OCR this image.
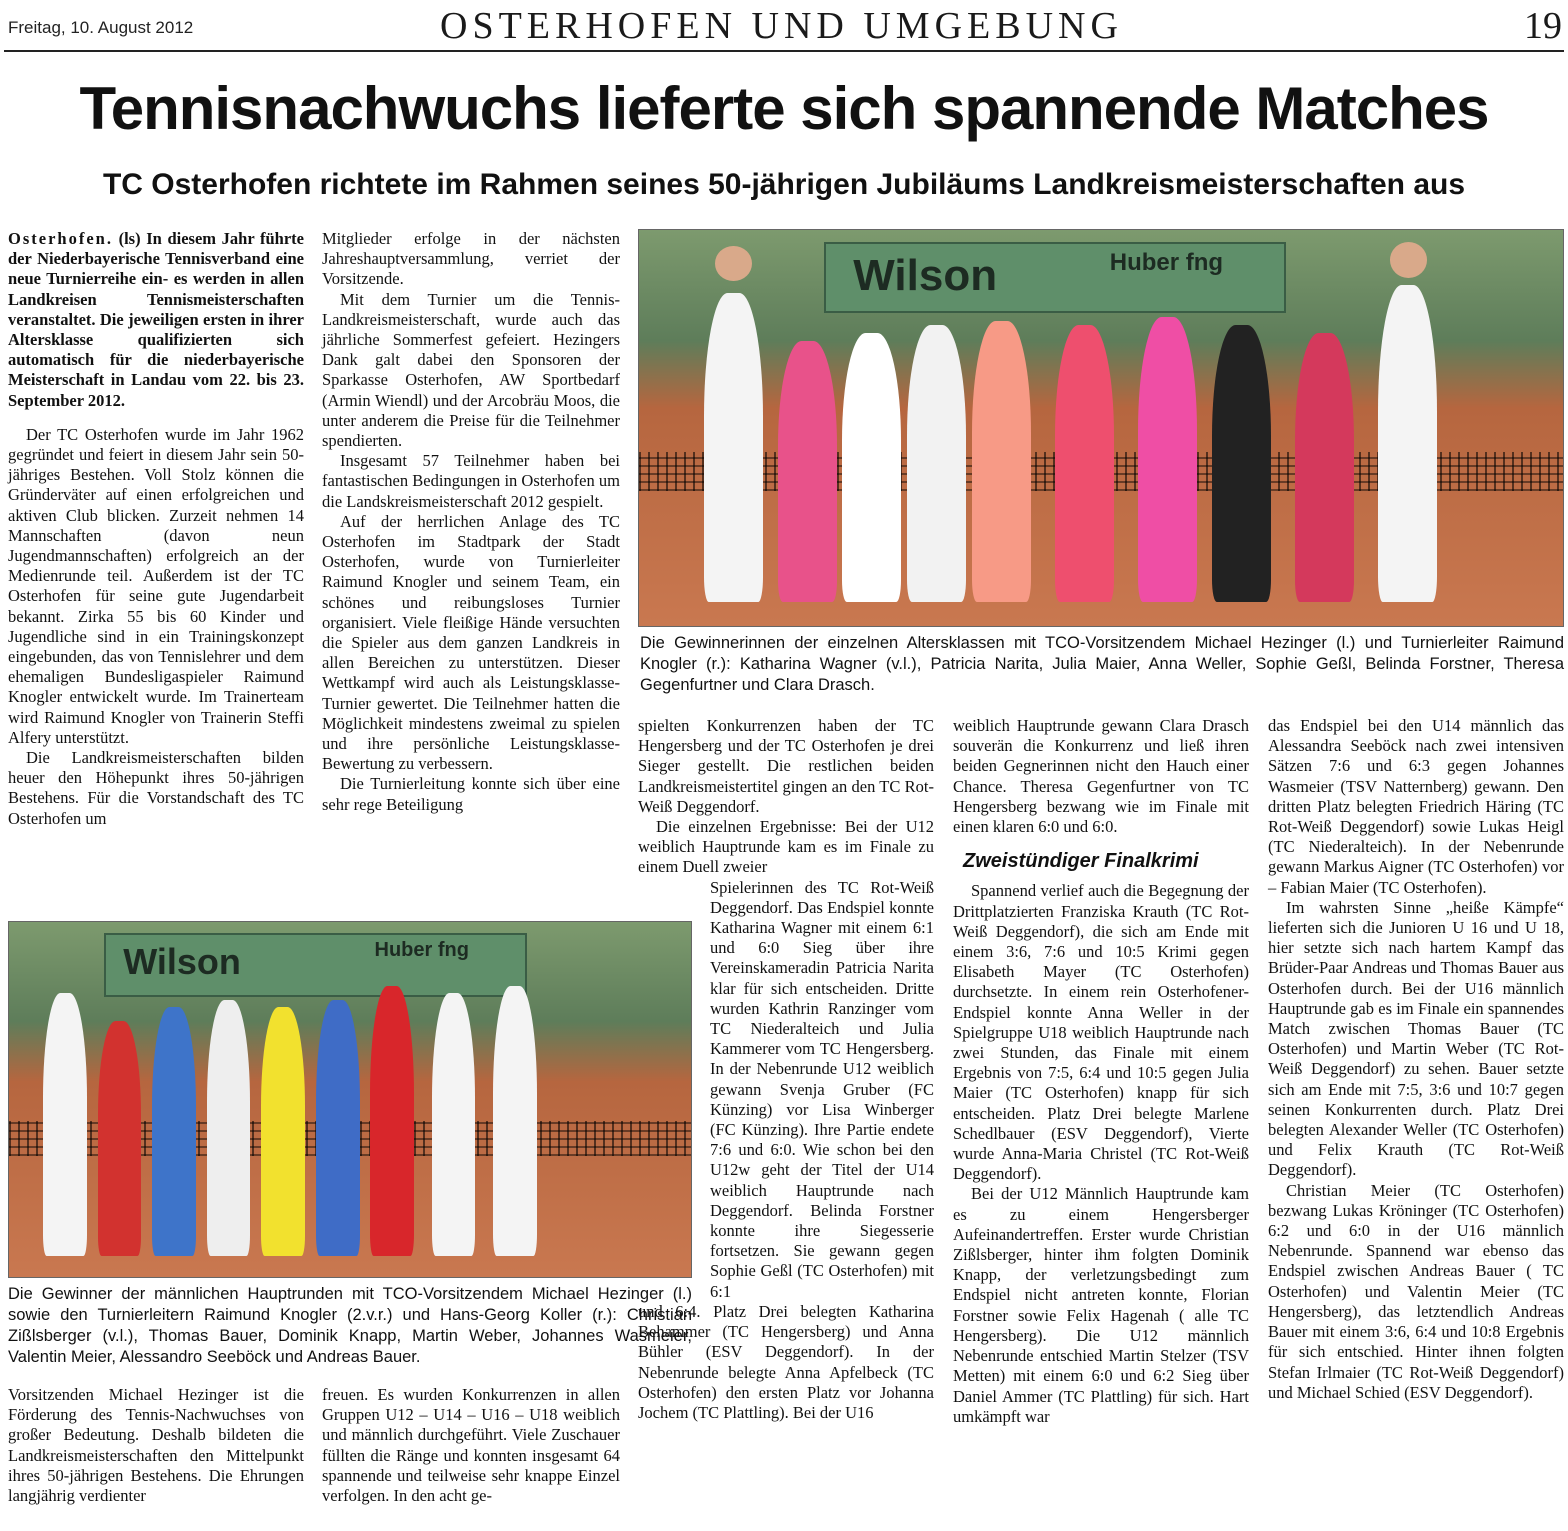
Freitag, 10. August 2012	OSTERHOFEN UND UMGEBUNG	19
Tennisnachwuchs lieferte sich spannende Matches
TC Osterhofen richtete im Rahmen seines 50-jährigen Jubiläums Landkreismeisterschaften aus

Osterhofen. (ls) In diesem Jahr führte der Niederbayerische Tennisverband eine neue Turnierreihe ein- es werden in allen Landkreisen Tennismeisterschaften veranstaltet. Die jeweiligen ersten in ihrer Altersklasse qualifizierten sich automatisch für die niederbayerische Meisterschaft in Landau vom 22. bis 23. September 2012.

Der TC Osterhofen wurde im Jahr 1962 gegründet und feiert in diesem Jahr sein 50-jähriges Bestehen. Voll Stolz können die Gründerväter auf einen erfolgreichen und aktiven Club blicken. Zurzeit nehmen 14 Mannschaften (davon neun Jugendmannschaften) erfolgreich an der Medienrunde teil. Außerdem ist der TC Osterhofen für seine gute Jugendarbeit bekannt. Zirka 55 bis 60 Kinder und Jugendliche sind in ein Trainingskonzept eingebunden, das von Tennislehrer und dem ehemaligen Bundesligaspieler Raimund Knogler entwickelt wurde. Im Trainerteam wird Raimund Knogler von Trainerin Steffi Alfery unterstützt.

Die Landkreismeisterschaften bilden heuer den Höhepunkt ihres 50-jährigen Bestehens. Für die Vorstandschaft des TC Osterhofen um

Mitglieder erfolge in der nächsten Jahreshauptversammlung, verriet der Vorsitzende.

Mit dem Turnier um die Tennis-Landkreismeisterschaft, wurde auch das jährliche Sommerfest gefeiert. Hezingers Dank galt dabei den Sponsoren der Sparkasse Osterhofen, AW Sportbedarf (Armin Wiendl) und der Arcobräu Moos, die unter anderem die Preise für die Teilnehmer spendierten.

Insgesamt 57 Teilnehmer haben bei fantastischen Bedingungen in Osterhofen um die Landskreismeisterschaft 2012 gespielt.

Auf der herrlichen Anlage des TC Osterhofen im Stadtpark der Stadt Osterhofen, wurde von Turnierleiter Raimund Knogler und seinem Team, ein schönes und reibungsloses Turnier organisiert. Viele fleißige Hände versuchten die Spieler aus dem ganzen Landkreis in allen Bereichen zu unterstützen. Dieser Wettkampf wird auch als Leistungsklasse-Turnier gewertet. Die Teilnehmer hatten die Möglichkeit mindestens zweimal zu spielen und ihre persönliche Leistungsklasse-Bewertung zu verbessern.

Die Turnierleitung konnte sich über eine sehr rege Beteiligung

Wilson	Huber fng
Die Gewinnerinnen der einzelnen Altersklassen mit TCO-Vorsitzendem Michael Hezinger (l.) und Turnierleiter Raimund Knogler (r.): Katharina Wagner (v.l.), Patricia Narita, Julia Maier, Anna Weller, Sophie Geßl, Belinda Forstner, Theresa Gegenfurtner und Clara Drasch.

spielten Konkurrenzen haben der TC Hengersberg und der TC Osterhofen je drei Sieger gestellt. Die restlichen beiden Landkreismeistertitel gingen an den TC Rot-Weiß Deggendorf.

Die einzelnen Ergebnisse: Bei der U12 weiblich Hauptrunde kam es im Finale zu einem Duell zweier

Spielerinnen des TC Rot-Weiß Deggendorf. Das Endspiel konnte Katharina Wagner mit einem 6:1 und 6:0 Sieg über ihre Vereinskameradin Patricia Narita klar für sich entscheiden. Dritte wurden Kathrin Ranzinger vom TC Niederalteich und Julia Kammerer vom TC Hengersberg. In der Nebenrunde U12 weiblich gewann Svenja Gruber (FC Künzing) vor Lisa Winberger (FC Künzing). Ihre Partie endete 7:6 und 6:0. Wie schon bei den U12w geht der Titel der U14 weiblich Hauptrunde nach Deggendorf. Belinda Forstner konnte ihre Siegesserie fortsetzen. Sie gewann gegen Sophie Geßl (TC Osterhofen) mit 6:1

und 6:4. Platz Drei belegten Katharina Behammer (TC Hengersberg) und Anna Bühler (ESV Deggendorf). In der Nebenrunde belegte Anna Apfelbeck (TC Osterhofen) den ersten Platz vor Johanna Jochem (TC Plattling). Bei der U16

weiblich Hauptrunde gewann Clara Drasch souverän die Konkurrenz und ließ ihren beiden Gegnerinnen nicht den Hauch einer Chance. Theresa Gegenfurtner von TC Hengersberg bezwang wie im Finale mit einen klaren 6:0 und 6:0.

Zweistündiger Finalkrimi

Spannend verlief auch die Begegnung der Drittplatzierten Franziska Krauth (TC Rot-Weiß Deggendorf), die sich am Ende mit einem 3:6, 7:6 und 10:5 Krimi gegen Elisabeth Mayer (TC Osterhofen) durchsetzte. In einem rein Osterhofener-Endspiel konnte Anna Weller in der Spielgruppe U18 weiblich Hauptrunde nach zwei Stunden, das Finale mit einem Ergebnis von 7:5, 6:4 und 10:5 gegen Julia Maier (TC Osterhofen) knapp für sich entscheiden. Platz Drei belegte Marlene Schedlbauer (ESV Deggendorf), Vierte wurde Anna-Maria Christel (TC Rot-Weiß Deggendorf).

Bei der U12 Männlich Hauptrunde kam es zu einem Hengersberger Aufeinandertreffen. Erster wurde Christian Zißlsberger, hinter ihm folgten Dominik Knapp, der verletzungsbedingt zum Endspiel nicht antreten konnte, Florian Forstner sowie Felix Hagenah ( alle TC Hengersberg). Die U12 männlich Nebenrunde entschied Martin Stelzer (TSV Metten) mit einem 6:0 und 6:2 Sieg über Daniel Ammer (TC Plattling) für sich. Hart umkämpft war

das Endspiel bei den U14 männlich das Alessandra Seeböck nach zwei intensiven Sätzen 7:6 und 6:3 gegen Johannes Wasmeier (TSV Natternberg) gewann. Den dritten Platz belegten Friedrich Häring (TC Rot-Weiß Deggendorf) sowie Lukas Heigl (TC Niederalteich). In der Nebenrunde gewann Markus Aigner (TC Osterhofen) vor – Fabian Maier (TC Osterhofen).

Im wahrsten Sinne „heiße Kämpfe“ lieferten sich die Junioren U 16 und U 18, hier setzte sich nach hartem Kampf das Brüder-Paar Andreas und Thomas Bauer aus Osterhofen durch. Bei der U16 männlich Hauptrunde gab es im Finale ein spannendes Match zwischen Thomas Bauer (TC Osterhofen) und Martin Weber (TC Rot-Weiß Deggendorf) zu sehen. Bauer setzte sich am Ende mit 7:5, 3:6 und 10:7 gegen seinen Konkurrenten durch. Platz Drei belegten Alexander Weller (TC Osterhofen) und Felix Krauth (TC Rot-Weiß Deggendorf).

Christian Meier (TC Osterhofen) bezwang Lukas Kröninger (TC Osterhofen) 6:2 und 6:0 in der U16 männlich Nebenrunde. Spannend war ebenso das Endspiel zwischen Andreas Bauer ( TC Osterhofen) und Valentin Meier (TC Hengersberg), das letztendlich Andreas Bauer mit einem 3:6, 6:4 und 10:8 Ergebnis für sich entschied. Hinter ihnen folgten Stefan Irlmaier (TC Rot-Weiß Deggendorf) und Michael Schied (ESV Deggendorf).

Wilson	Huber fng
Die Gewinner der männlichen Hauptrunden mit TCO-Vorsitzendem Michael Hezinger (l.) sowie den Turnierleitern Raimund Knogler (2.v.r.) und Hans-Georg Koller (r.): Christian Zißlsberger (v.l.), Thomas Bauer, Dominik Knapp, Martin Weber, Johannes Wasmeier, Valentin Meier, Alessandro Seeböck und Andreas Bauer.

Vorsitzenden Michael Hezinger ist die Förderung des Tennis-Nachwuchses von großer Bedeutung. Deshalb bildeten die Landkreismeisterschaften den Mittelpunkt ihres 50-jährigen Bestehens. Die Ehrungen langjährig verdienter

freuen. Es wurden Konkurrenzen in allen Gruppen U12 – U14 – U16 – U18 weiblich und männlich durchgeführt. Viele Zuschauer füllten die Ränge und konnten insgesamt 64 spannende und teilweise sehr knappe Einzel verfolgen. In den acht ge-
